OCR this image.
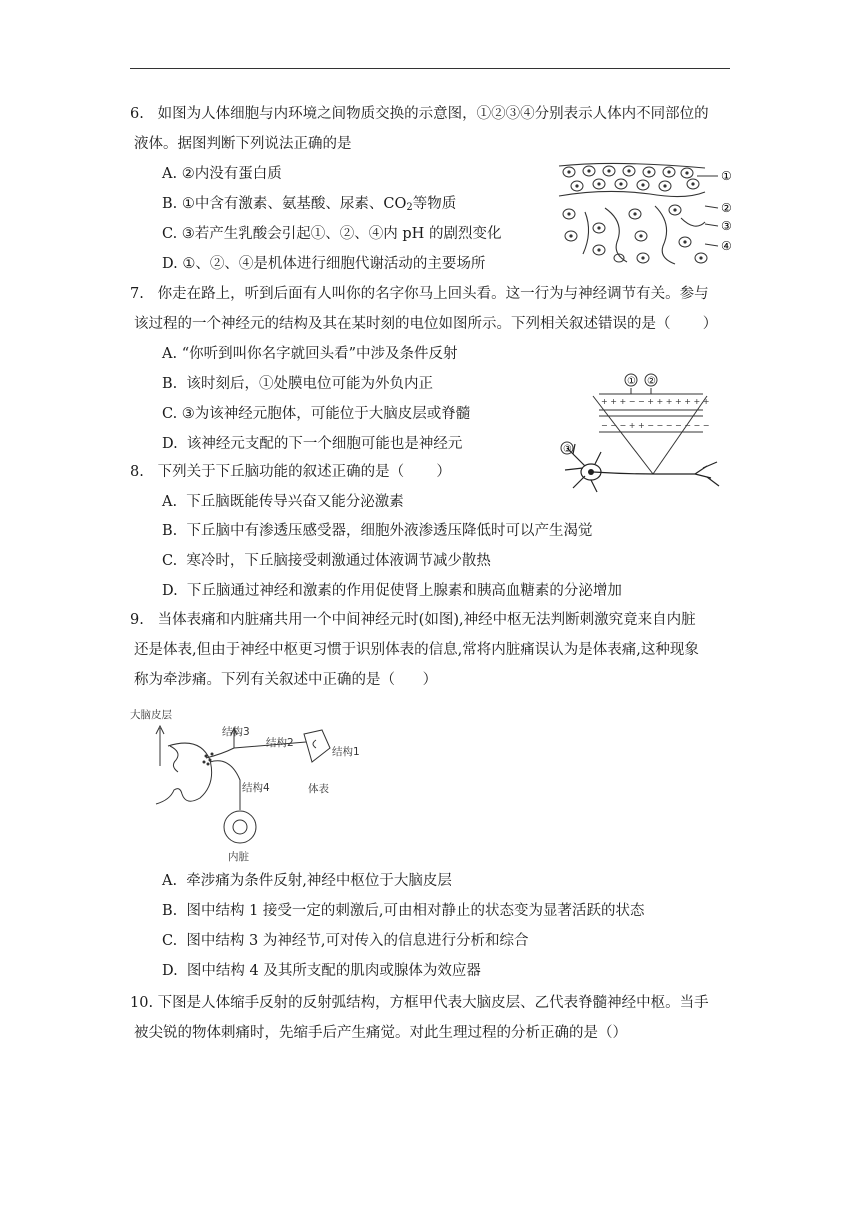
6.   如图为人体细胞与内环境之间物质交换的示意图，①②③④分别表示人体内不同部位的
液体。据图判断下列说法正确的是
A. ②内没有蛋白质
B. ①中含有激素、氨基酸、尿素、$CO_2$等物质
C. ③若产生乳酸会引起①、②、④内 pH 的剧烈变化
D. ①、②、④是机体进行细胞代谢活动的主要场所
①
②
③
④
7.   你走在路上，听到后面有人叫你的名字你马上回头看。这一行为与神经调节有关。参与
该过程的一个神经元的结构及其在某时刻的电位如图所示。下列相关叙述错误的是（       ）
A. “你听到叫你名字就回头看”中涉及条件反射
B.  该时刻后，①处膜电位可能为外负内正
C. ③为该神经元胞体，可能位于大脑皮层或脊髓
D.  该神经元支配的下一个细胞可能也是神经元
+ + + − − + + + + + + +
− − − + + − − − − − − −
① ②
③
8.   下列关于下丘脑功能的叙述正确的是（       ）
A.  下丘脑既能传导兴奋又能分泌激素
B.  下丘脑中有渗透压感受器，细胞外液渗透压降低时可以产生渴觉
C.  寒冷时，下丘脑接受刺激通过体液调节减少散热
D.  下丘脑通过神经和激素的作用促使肾上腺素和胰高血糖素的分泌增加
9.   当体表痛和内脏痛共用一个中间神经元时(如图),神经中枢无法判断刺激究竟来自内脏
还是体表,但由于神经中枢更习惯于识别体表的信息,常将内脏痛误认为是体表痛,这种现象
称为牵涉痛。下列有关叙述中正确的是（      ）
大脑皮层
结构3
结构2
结构1
结构4	体表
内脏
A.  牵涉痛为条件反射,神经中枢位于大脑皮层
B.  图中结构 1 接受一定的刺激后,可由相对静止的状态变为显著活跃的状态
C.  图中结构 3 为神经节,可对传入的信息进行分析和综合
D.  图中结构 4 及其所支配的肌肉或腺体为效应器
10. 下图是人体缩手反射的反射弧结构，方框甲代表大脑皮层、乙代表脊髓神经中枢。当手
被尖锐的物体刺痛时，先缩手后产生痛觉。对此生理过程的分析正确的是（）
